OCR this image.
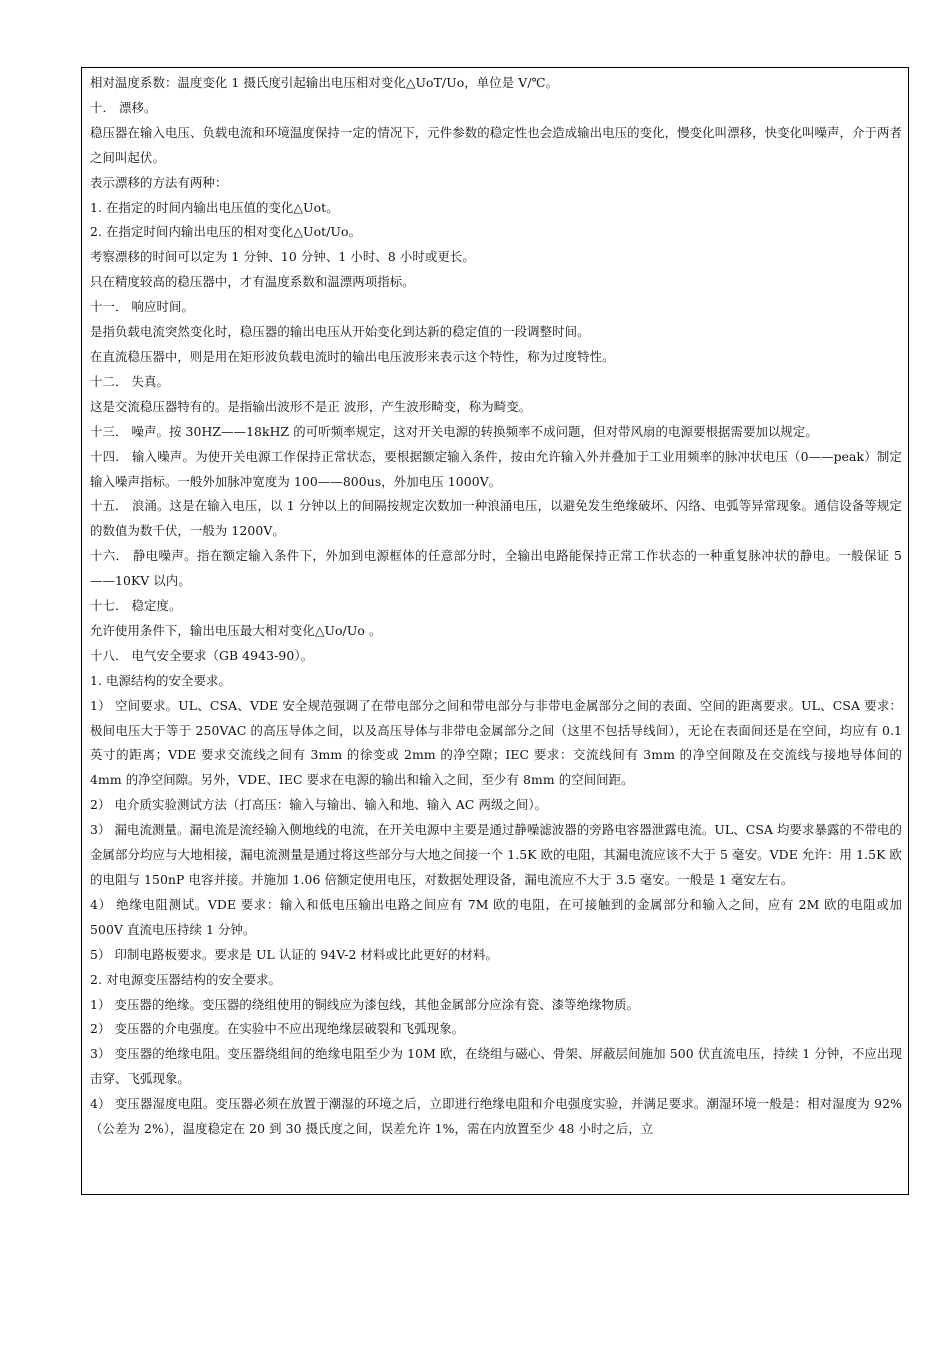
相对温度系数：温度变化 1 摄氏度引起输出电压相对变化△UoT/Uo，单位是 V/℃。

十． 漂移。

稳压器在输入电压、负载电流和环境温度保持一定的情况下，元件参数的稳定性也会造成输出电压的变化，慢变化叫漂移，快变化叫噪声，介于两者之间叫起伏。

表示漂移的方法有两种：

1. 在指定的时间内输出电压值的变化△Uot。

2. 在指定时间内输出电压的相对变化△Uot/Uo。

考察漂移的时间可以定为 1 分钟、10 分钟、1 小时、8 小时或更长。

只在精度较高的稳压器中，才有温度系数和温漂两项指标。

十一． 响应时间。

是指负载电流突然变化时，稳压器的输出电压从开始变化到达新的稳定值的一段调整时间。

在直流稳压器中，则是用在矩形波负载电流时的输出电压波形来表示这个特性，称为过度特性。

十二． 失真。

这是交流稳压器特有的。是指输出波形不是正 波形，产生波形畸变，称为畸变。

十三． 噪声。按 30HZ——18kHZ 的可听频率规定，这对开关电源的转换频率不成问题，但对带风扇的电源要根据需要加以规定。

十四． 输入噪声。为使开关电源工作保持正常状态，要根据额定输入条件，按由允许输入外并叠加于工业用频率的脉冲状电压（0——peak）制定输入噪声指标。一般外加脉冲宽度为 100——800us，外加电压 1000V。

十五． 浪涌。这是在输入电压，以 1 分钟以上的间隔按规定次数加一种浪涌电压，以避免发生绝缘破坏、闪络、电弧等异常现象。通信设备等规定的数值为数千伏，一般为 1200V。

十六． 静电噪声。指在额定输入条件下，外加到电源框体的任意部分时，全输出电路能保持正常工作状态的一种重复脉冲状的静电。一般保证 5——10KV 以内。

十七． 稳定度。

允许使用条件下，输出电压最大相对变化△Uo/Uo 。

十八． 电气安全要求（GB 4943-90）。

1. 电源结构的安全要求。

1） 空间要求。UL、CSA、VDE 安全规范强调了在带电部分之间和带电部分与非带电金属部分之间的表面、空间的距离要求。UL、CSA 要求：极间电压大于等于 250VAC 的高压导体之间，以及高压导体与非带电金属部分之间（这里不包括导线间），无论在表面间还是在空间，均应有 0.1 英寸的距离；VDE 要求交流线之间有 3mm 的徐变或 2mm 的净空隙；IEC 要求：交流线间有 3mm 的净空间隙及在交流线与接地导体间的 4mm 的净空间隙。另外，VDE、IEC 要求在电源的输出和输入之间，至少有 8mm 的空间间距。

2） 电介质实验测试方法（打高压：输入与输出、输入和地、输入 AC 两级之间）。

3） 漏电流测量。漏电流是流经输入侧地线的电流，在开关电源中主要是通过静噪滤波器的旁路电容器泄露电流。UL、CSA 均要求暴露的不带电的金属部分均应与大地相接，漏电流测量是通过将这些部分与大地之间接一个 1.5K 欧的电阻，其漏电流应该不大于 5 毫安。VDE 允许：用 1.5K 欧的电阻与 150nP 电容并接。并施加 1.06 倍额定使用电压，对数据处理设备，漏电流应不大于 3.5 毫安。一般是 1 毫安左右。

4） 绝缘电阻测试。VDE 要求：输入和低电压输出电路之间应有 7M 欧的电阻，在可接触到的金属部分和输入之间，应有 2M 欧的电阻或加 500V 直流电压持续 1 分钟。

5） 印制电路板要求。要求是 UL 认证的 94V-2 材料或比此更好的材料。

2. 对电源变压器结构的安全要求。

1） 变压器的绝缘。变压器的绕组使用的铜线应为漆包线，其他金属部分应涂有瓷、漆等绝缘物质。

2） 变压器的介电强度。在实验中不应出现绝缘层破裂和飞弧现象。

3） 变压器的绝缘电阻。变压器绕组间的绝缘电阻至少为 10M 欧，在绕组与磁心、骨架、屏蔽层间施加 500 伏直流电压，持续 1 分钟，不应出现击穿、飞弧现象。

4） 变压器湿度电阻。变压器必须在放置于潮湿的环境之后，立即进行绝缘电阻和介电强度实验，并满足要求。潮湿环境一般是：相对湿度为 92%（公差为 2%），温度稳定在 20 到 30 摄氏度之间，误差允许 1%，需在内放置至少 48 小时之后，立
